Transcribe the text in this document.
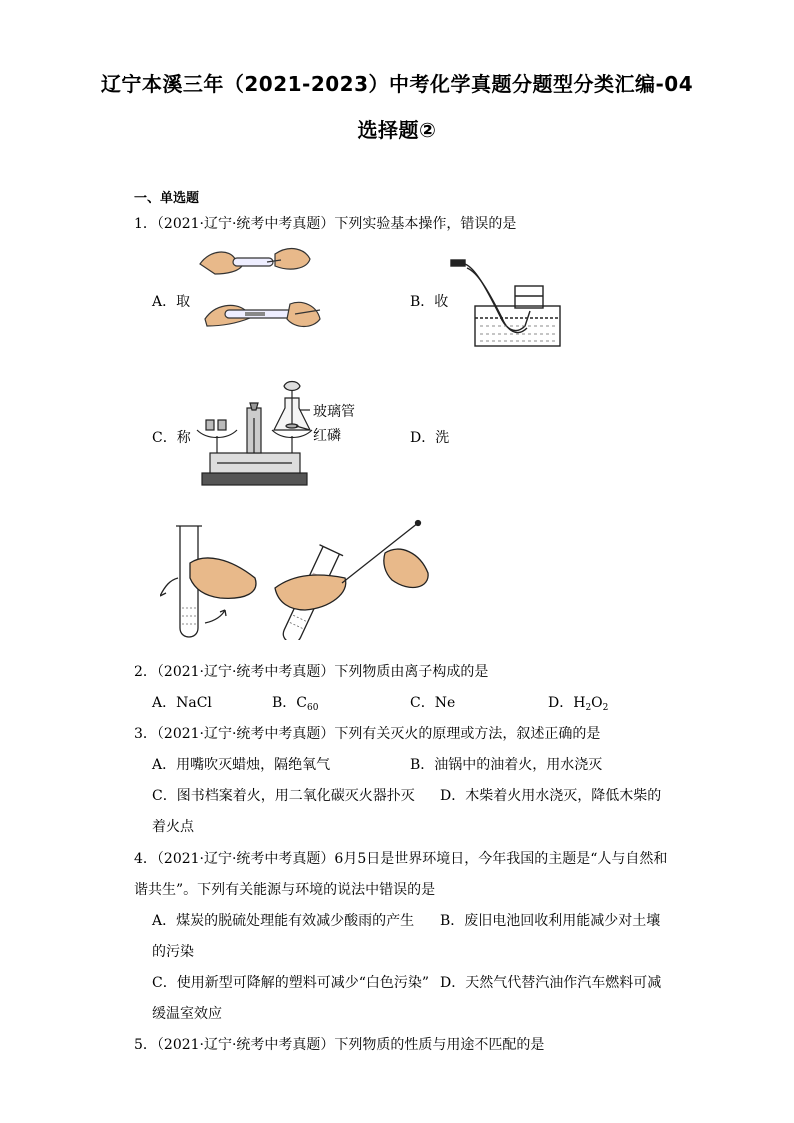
辽宁本溪三年（2021-2023）中考化学真题分题型分类汇编-04
选择题②
一、单选题
1．（2021·辽宁·统考中考真题）下列实验基本操作，错误的是
A．取	B．收
C．称	D．洗
玻璃管
红磷
2．（2021·辽宁·统考中考真题）下列物质由离子构成的是
A．NaCl	B．$C_{60}$	C．Ne	D．$H_2O_2$
3．（2021·辽宁·统考中考真题）下列有关灭火的原理或方法，叙述正确的是
A．用嘴吹灭蜡烛，隔绝氧气	B．油锅中的油着火，用水浇灭
C．图书档案着火，用二氧化碳灭火器扑灭 D．木柴着火用水浇灭，降低木柴的
着火点
4．（2021·辽宁·统考中考真题）6月5日是世界环境日，今年我国的主题是“人与自然和
谐共生”。下列有关能源与环境的说法中错误的是
A．煤炭的脱硫处理能有效减少酸雨的产生 B．废旧电池回收利用能减少对土壤
的污染
C．使用新型可降解的塑料可减少“白色污染” D．天然气代替汽油作汽车燃料可减
缓温室效应
5．（2021·辽宁·统考中考真题）下列物质的性质与用途不匹配的是
